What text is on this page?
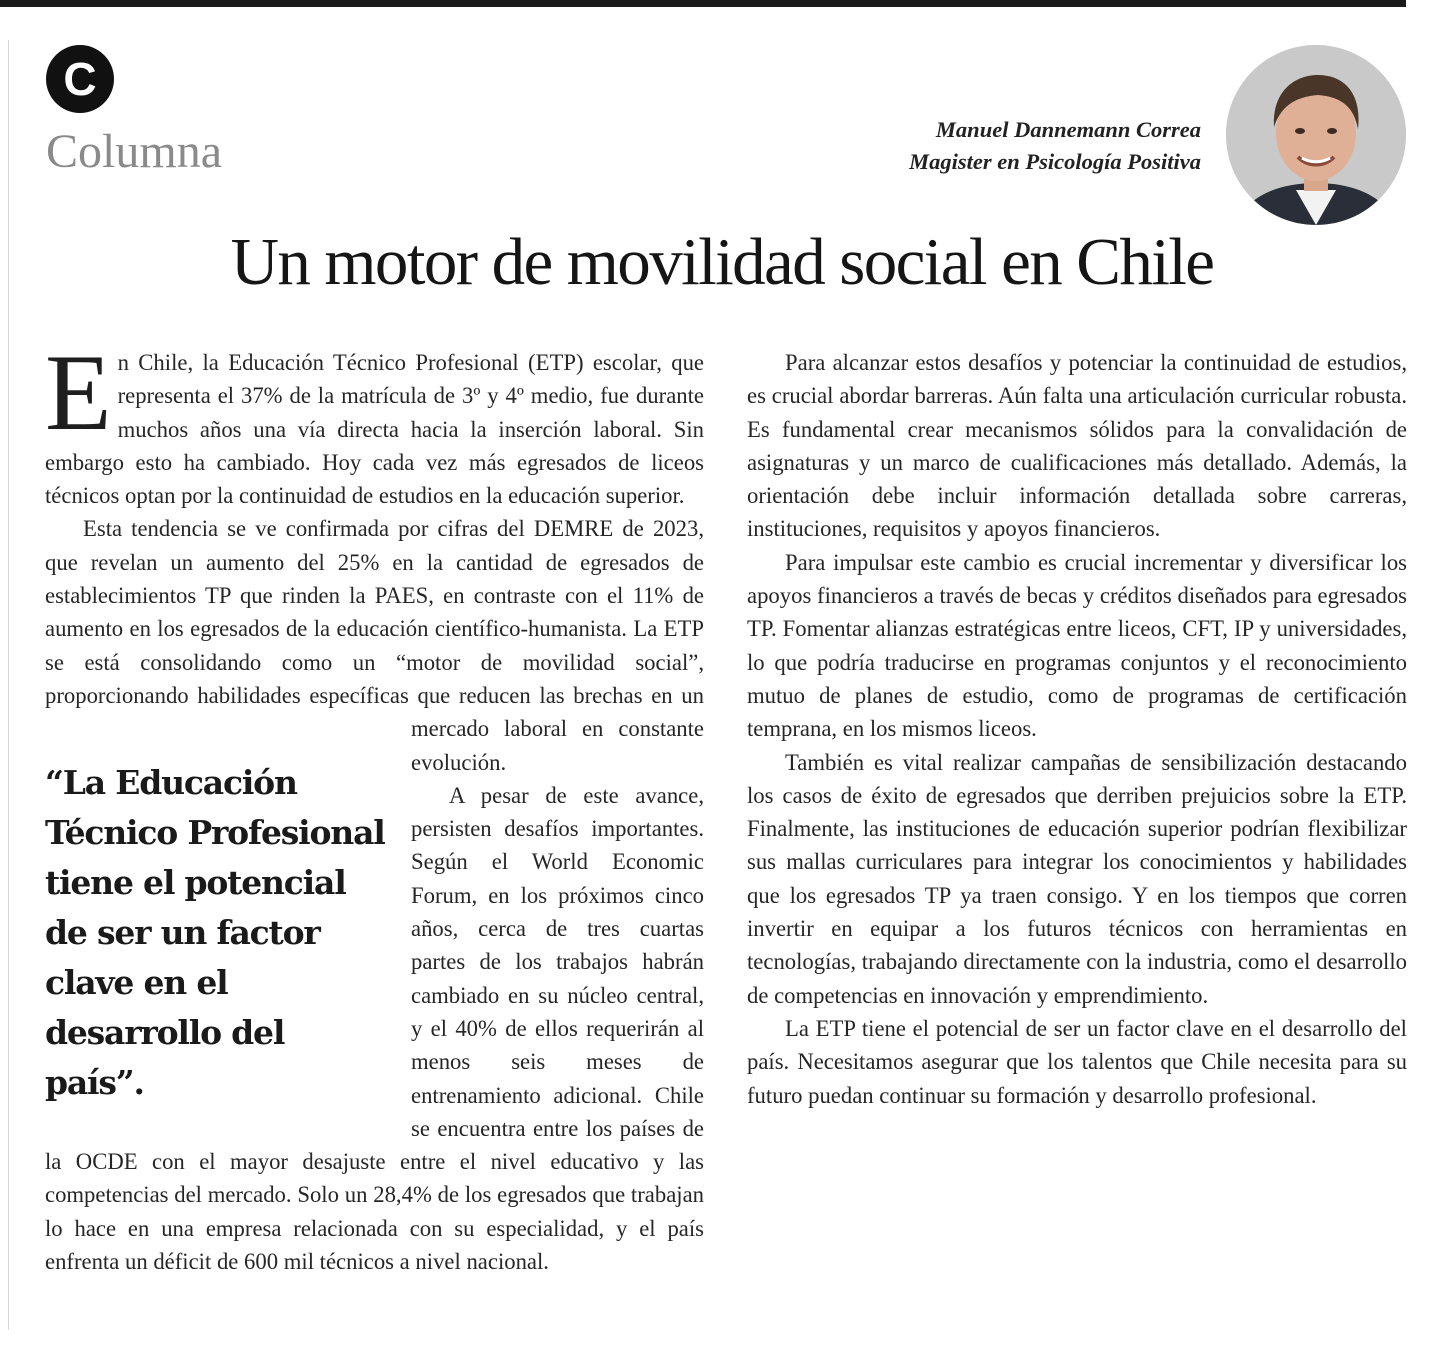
C
Columna	Manuel Dannemann Correa
Magister en Psicología Positiva
Un motor de movilidad social en Chile

En Chile, la Educación Técnico Profesional (ETP) escolar, que representa el 37% de la matrícula de 3º y 4º medio, fue durante muchos años una vía directa hacia la inserción laboral. Sin embargo esto ha cambiado. Hoy cada vez más egresados de liceos técnicos optan por la continuidad de estudios en la educación superior.

Esta tendencia se ve confirmada por cifras del DEMRE de 2023, que revelan un aumento del 25% en la cantidad de egresados de establecimientos TP que rinden la PAES, en contraste con el 11% de aumento en los egresados de la educación científico-humanista. La ETP se está consolidando como un “motor de movilidad social”, proporcionando habilidades específicas que reducen las brechas en un
mercado laboral en constante evolución.

A pesar de este avance, persisten desafíos importantes. Según el World Economic Forum, en los próximos cinco años, cerca de tres cuartas partes de los trabajos habrán cambiado en su núcleo central, y el 40% de ellos requerirán al menos seis meses de entrenamiento adicional. Chile se encuentra entre los países de la OCDE con el mayor desajuste entre el nivel educativo y las competencias del mercado. Solo un 28,4% de los egresados que trabajan lo hace en una empresa relacionada con su especialidad, y el país enfrenta un déficit de 600 mil técnicos a nivel nacional.

Para alcanzar estos desafíos y potenciar la continuidad de estudios, es crucial abordar barreras. Aún falta una articulación curricular robusta. Es fundamental crear mecanismos sólidos para la convalidación de asignaturas y un marco de cualificaciones más detallado. Además, la orientación debe incluir información detallada sobre carreras, instituciones, requisitos y apoyos financieros.

Para impulsar este cambio es crucial incrementar y diversificar los apoyos financieros a través de becas y créditos diseñados para egresados TP. Fomentar alianzas estratégicas entre liceos, CFT, IP y universidades, lo que podría traducirse en programas conjuntos y el reconocimiento mutuo de planes de estudio, como de programas de certificación temprana, en los mismos liceos.

También es vital realizar campañas de sensibilización destacando los casos de éxito de egresados que derriben prejuicios sobre la ETP. Finalmente, las instituciones de educación superior podrían flexibilizar sus mallas curriculares para integrar los conocimientos y habilidades que los egresados TP ya traen consigo. Y en los tiempos que corren invertir en equipar a los futuros técnicos con herramientas en tecnologías, trabajando directamente con la industria, como el desarrollo de competencias en innovación y emprendimiento.

La ETP tiene el potencial de ser un factor clave en el desarrollo del país. Necesitamos asegurar que los talentos que Chile necesita para su futuro puedan continuar su formación y desarrollo profesional.

“La Educación Técnico Profesional tiene el potencial de ser un factor clave en el desarrollo del país”.
